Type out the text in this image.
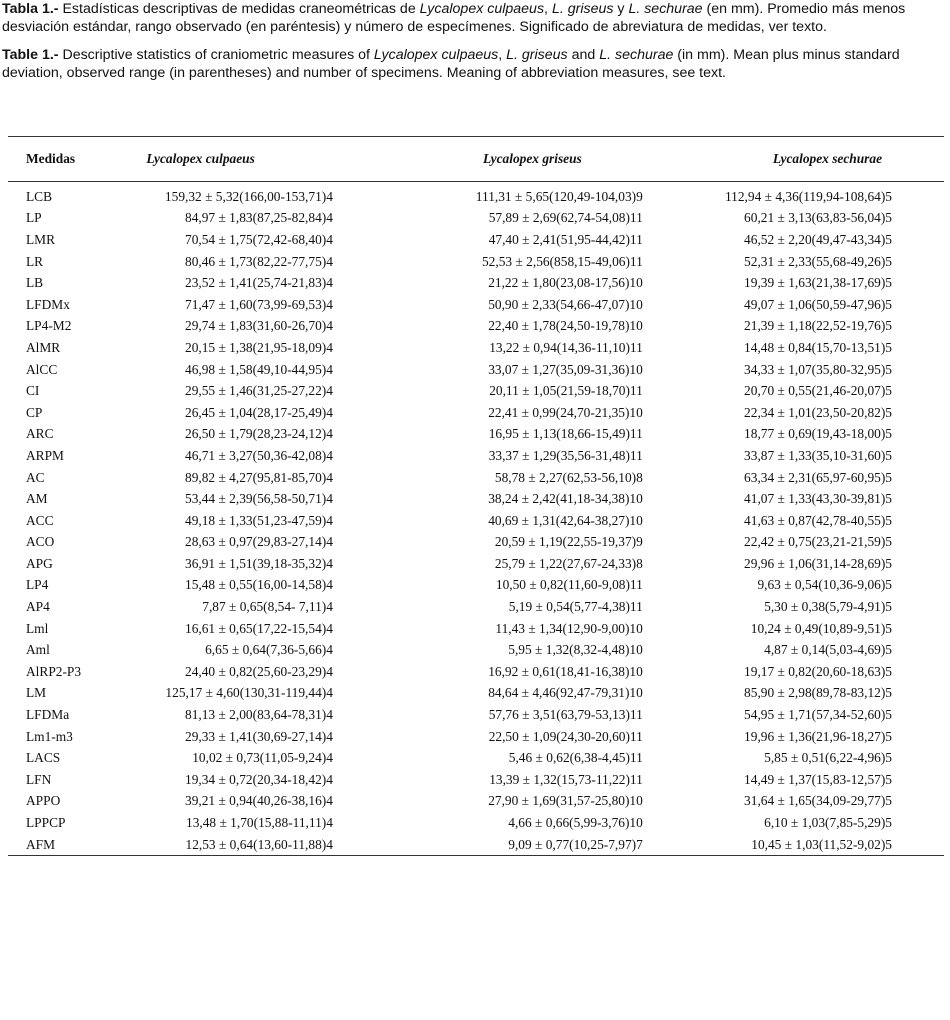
Tabla 1.- Estadísticas descriptivas de medidas craneométricas de Lycalopex culpaeus, L. griseus y L. sechurae (en mm). Promedio más menos desviación estándar, rango observado (en paréntesis) y número de especímenes. Significado de abreviatura de medidas, ver texto.

Table 1.- Descriptive statistics of craniometric measures of Lycalopex culpaeus, L. griseus and L. sechurae (in mm). Mean plus minus standard deviation, observed range (in parentheses) and number of specimens. Meaning of abbreviation measures, see text.

Medidas	Lycalopex culpaeus	Lycalopex griseus	Lycalopex sechurae
LCB	159,32 ± 5,32(166,00-153,71)4	111,31 ± 5,65(120,49-104,03)9	112,94 ± 4,36(119,94-108,64)5
LP	84,97 ± 1,83(87,25-82,84)4	57,89 ± 2,69(62,74-54,08)11	60,21 ± 3,13(63,83-56,04)5
LMR	70,54 ± 1,75(72,42-68,40)4	47,40 ± 2,41(51,95-44,42)11	46,52 ± 2,20(49,47-43,34)5
LR	80,46 ± 1,73(82,22-77,75)4	52,53 ± 2,56(858,15-49,06)11	52,31 ± 2,33(55,68-49,26)5
LB	23,52 ± 1,41(25,74-21,83)4	21,22 ± 1,80(23,08-17,56)10	19,39 ± 1,63(21,38-17,69)5
LFDMx	71,47 ± 1,60(73,99-69,53)4	50,90 ± 2,33(54,66-47,07)10	49,07 ± 1,06(50,59-47,96)5
LP4-M2	29,74 ± 1,83(31,60-26,70)4	22,40 ± 1,78(24,50-19,78)10	21,39 ± 1,18(22,52-19,76)5
AlMR	20,15 ± 1,38(21,95-18,09)4	13,22 ± 0,94(14,36-11,10)11	14,48 ± 0,84(15,70-13,51)5
AlCC	46,98 ± 1,58(49,10-44,95)4	33,07 ± 1,27(35,09-31,36)10	34,33 ± 1,07(35,80-32,95)5
CI	29,55 ± 1,46(31,25-27,22)4	20,11 ± 1,05(21,59-18,70)11	20,70 ± 0,55(21,46-20,07)5
CP	26,45 ± 1,04(28,17-25,49)4	22,41 ± 0,99(24,70-21,35)10	22,34 ± 1,01(23,50-20,82)5
ARC	26,50 ± 1,79(28,23-24,12)4	16,95 ± 1,13(18,66-15,49)11	18,77 ± 0,69(19,43-18,00)5
ARPM	46,71 ± 3,27(50,36-42,08)4	33,37 ± 1,29(35,56-31,48)11	33,87 ± 1,33(35,10-31,60)5
AC	89,82 ± 4,27(95,81-85,70)4	58,78 ± 2,27(62,53-56,10)8	63,34 ± 2,31(65,97-60,95)5
AM	53,44 ± 2,39(56,58-50,71)4	38,24 ± 2,42(41,18-34,38)10	41,07 ± 1,33(43,30-39,81)5
ACC	49,18 ± 1,33(51,23-47,59)4	40,69 ± 1,31(42,64-38,27)10	41,63 ± 0,87(42,78-40,55)5
ACO	28,63 ± 0,97(29,83-27,14)4	20,59 ± 1,19(22,55-19,37)9	22,42 ± 0,75(23,21-21,59)5
APG	36,91 ± 1,51(39,18-35,32)4	25,79 ± 1,22(27,67-24,33)8	29,96 ± 1,06(31,14-28,69)5
LP4	15,48 ± 0,55(16,00-14,58)4	10,50 ± 0,82(11,60-9,08)11	9,63 ± 0,54(10,36-9,06)5
AP4	7,87 ± 0,65(8,54- 7,11)4	5,19 ± 0,54(5,77-4,38)11	5,30 ± 0,38(5,79-4,91)5
Lml	16,61 ± 0,65(17,22-15,54)4	11,43 ± 1,34(12,90-9,00)10	10,24 ± 0,49(10,89-9,51)5
Aml	6,65 ± 0,64(7,36-5,66)4	5,95 ± 1,32(8,32-4,48)10	4,87 ± 0,14(5,03-4,69)5
AlRP2-P3	24,40 ± 0,82(25,60-23,29)4	16,92 ± 0,61(18,41-16,38)10	19,17 ± 0,82(20,60-18,63)5
LM	125,17 ± 4,60(130,31-119,44)4	84,64 ± 4,46(92,47-79,31)10	85,90 ± 2,98(89,78-83,12)5
LFDMa	81,13 ± 2,00(83,64-78,31)4	57,76 ± 3,51(63,79-53,13)11	54,95 ± 1,71(57,34-52,60)5
Lm1-m3	29,33 ± 1,41(30,69-27,14)4	22,50 ± 1,09(24,30-20,60)11	19,96 ± 1,36(21,96-18,27)5
LACS	10,02 ± 0,73(11,05-9,24)4	5,46 ± 0,62(6,38-4,45)11	5,85 ± 0,51(6,22-4,96)5
LFN	19,34 ± 0,72(20,34-18,42)4	13,39 ± 1,32(15,73-11,22)11	14,49 ± 1,37(15,83-12,57)5
APPO	39,21 ± 0,94(40,26-38,16)4	27,90 ± 1,69(31,57-25,80)10	31,64 ± 1,65(34,09-29,77)5
LPPCP	13,48 ± 1,70(15,88-11,11)4	4,66 ± 0,66(5,99-3,76)10	6,10 ± 1,03(7,85-5,29)5
AFM	12,53 ± 0,64(13,60-11,88)4	9,09 ± 0,77(10,25-7,97)7	10,45 ± 1,03(11,52-9,02)5
